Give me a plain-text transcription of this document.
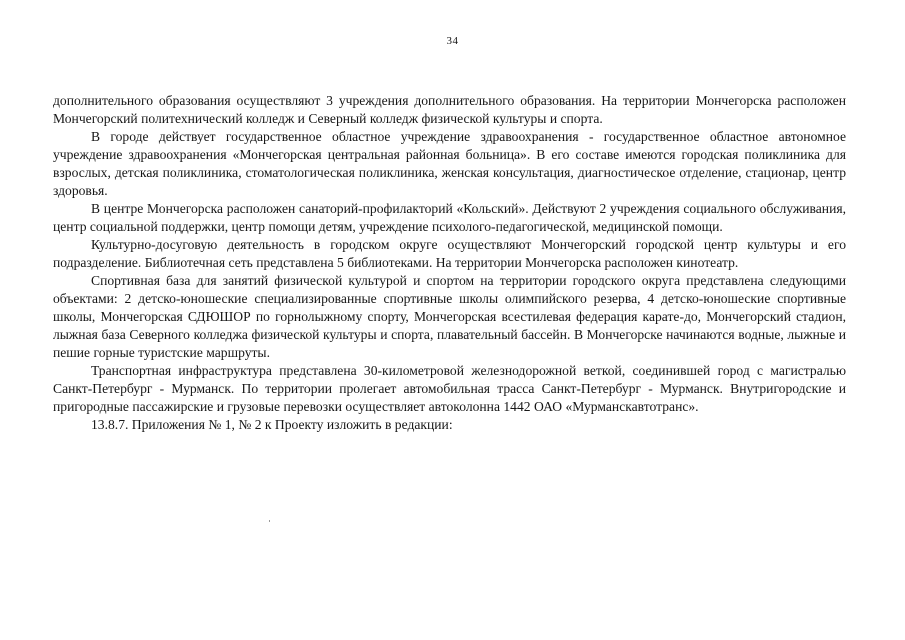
34

дополнительного образования осуществляют 3 учреждения дополнительного образования. На территории Мончегорска расположен Мончегорский политехнический колледж и Северный колледж физической культуры и спорта.

В городе действует государственное областное учреждение здравоохранения - государственное областное автономное учреждение здравоохранения «Мончегорская центральная районная больница». В его составе имеются городская поликлиника для взрослых, детская поликлиника, стоматологическая поликлиника, женская консультация, диагностическое отделение, стационар, центр здоровья.

В центре Мончегорска расположен санаторий-профилакторий «Кольский». Действуют 2 учреждения социального обслуживания, центр социальной поддержки, центр помощи детям, учреждение психолого-педагогической, медицинской помощи.

Культурно-досуговую деятельность в городском округе осуществляют Мончегорский городской центр культуры и его подразделение. Библиотечная сеть представлена 5 библиотеками. На территории Мончегорска расположен кинотеатр.

Спортивная база для занятий физической культурой и спортом на территории городского округа представлена следующими объектами: 2 детско-юношеские специализированные спортивные школы олимпийского резерва, 4 детско-юношеские спортивные школы, Мончегорская СДЮШОР по горнолыжному спорту, Мончегорская всестилевая федерация карате-до, Мончегорский стадион, лыжная база Северного колледжа физической культуры и спорта, плавательный бассейн. В Мончегорске начинаются водные, лыжные и пешие горные туристские маршруты.

Транспортная инфраструктура представлена 30-километровой железнодорожной веткой, соединившей город с магистралью Санкт-Петербург - Мурманск. По территории пролегает автомобильная трасса Санкт-Петербург - Мурманск. Внутригородские и пригородные пассажирские и грузовые перевозки осуществляет автоколонна 1442 ОАО «Мурманскавтотранс».

13.8.7. Приложения № 1, № 2 к Проекту изложить в редакции:
